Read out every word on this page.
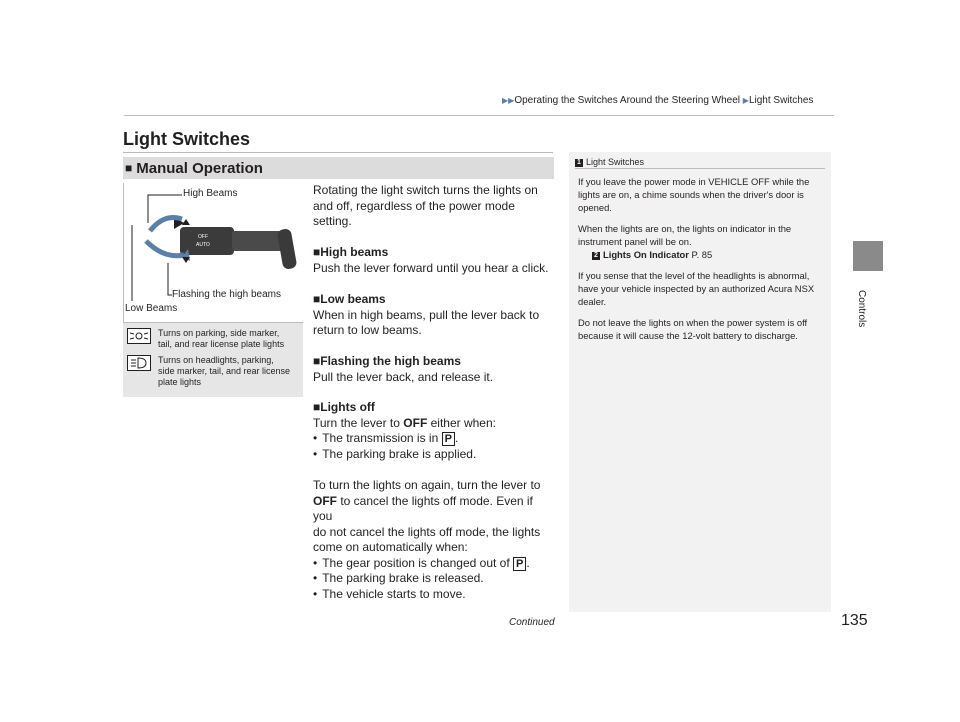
▶▶Operating the Switches Around the Steering Wheel ▶Light Switches
Light Switches
Controls
■ Manual Operation
OFF
AUTO
High Beams
Flashing the high beams
Low Beams
Turns on parking, side marker,
tail, and rear license plate lights
Turns on headlights, parking,
side marker, tail, and rear license
plate lights

Rotating the light switch turns the lights on

and off, regardless of the power mode

setting.

■High beams

Push the lever forward until you hear a click.

■Low beams

When in high beams, pull the lever back to

return to low beams.

■Flashing the high beams

Pull the lever back, and release it.

■Lights off

Turn the lever to OFF either when:

• The transmission is in P .

• The parking brake is applied.

To turn the lights on again, turn the lever to

OFF to cancel the lights off mode. Even if you

do not cancel the lights off mode, the lights

come on automatically when:

• The gear position is changed out of P .

• The parking brake is released.

• The vehicle starts to move.

1 Light Switches

If you leave the power mode in VEHICLE OFF while the lights are on, a chime sounds when the driver's door is opened.

When the lights are on, the lights on indicator in the instrument panel will be on.

2 Lights On Indicator P. 85

If you sense that the level of the headlights is abnormal, have your vehicle inspected by an authorized Acura NSX dealer.

Do not leave the lights on when the power system is off because it will cause the 12-volt battery to discharge.

Continued	135
